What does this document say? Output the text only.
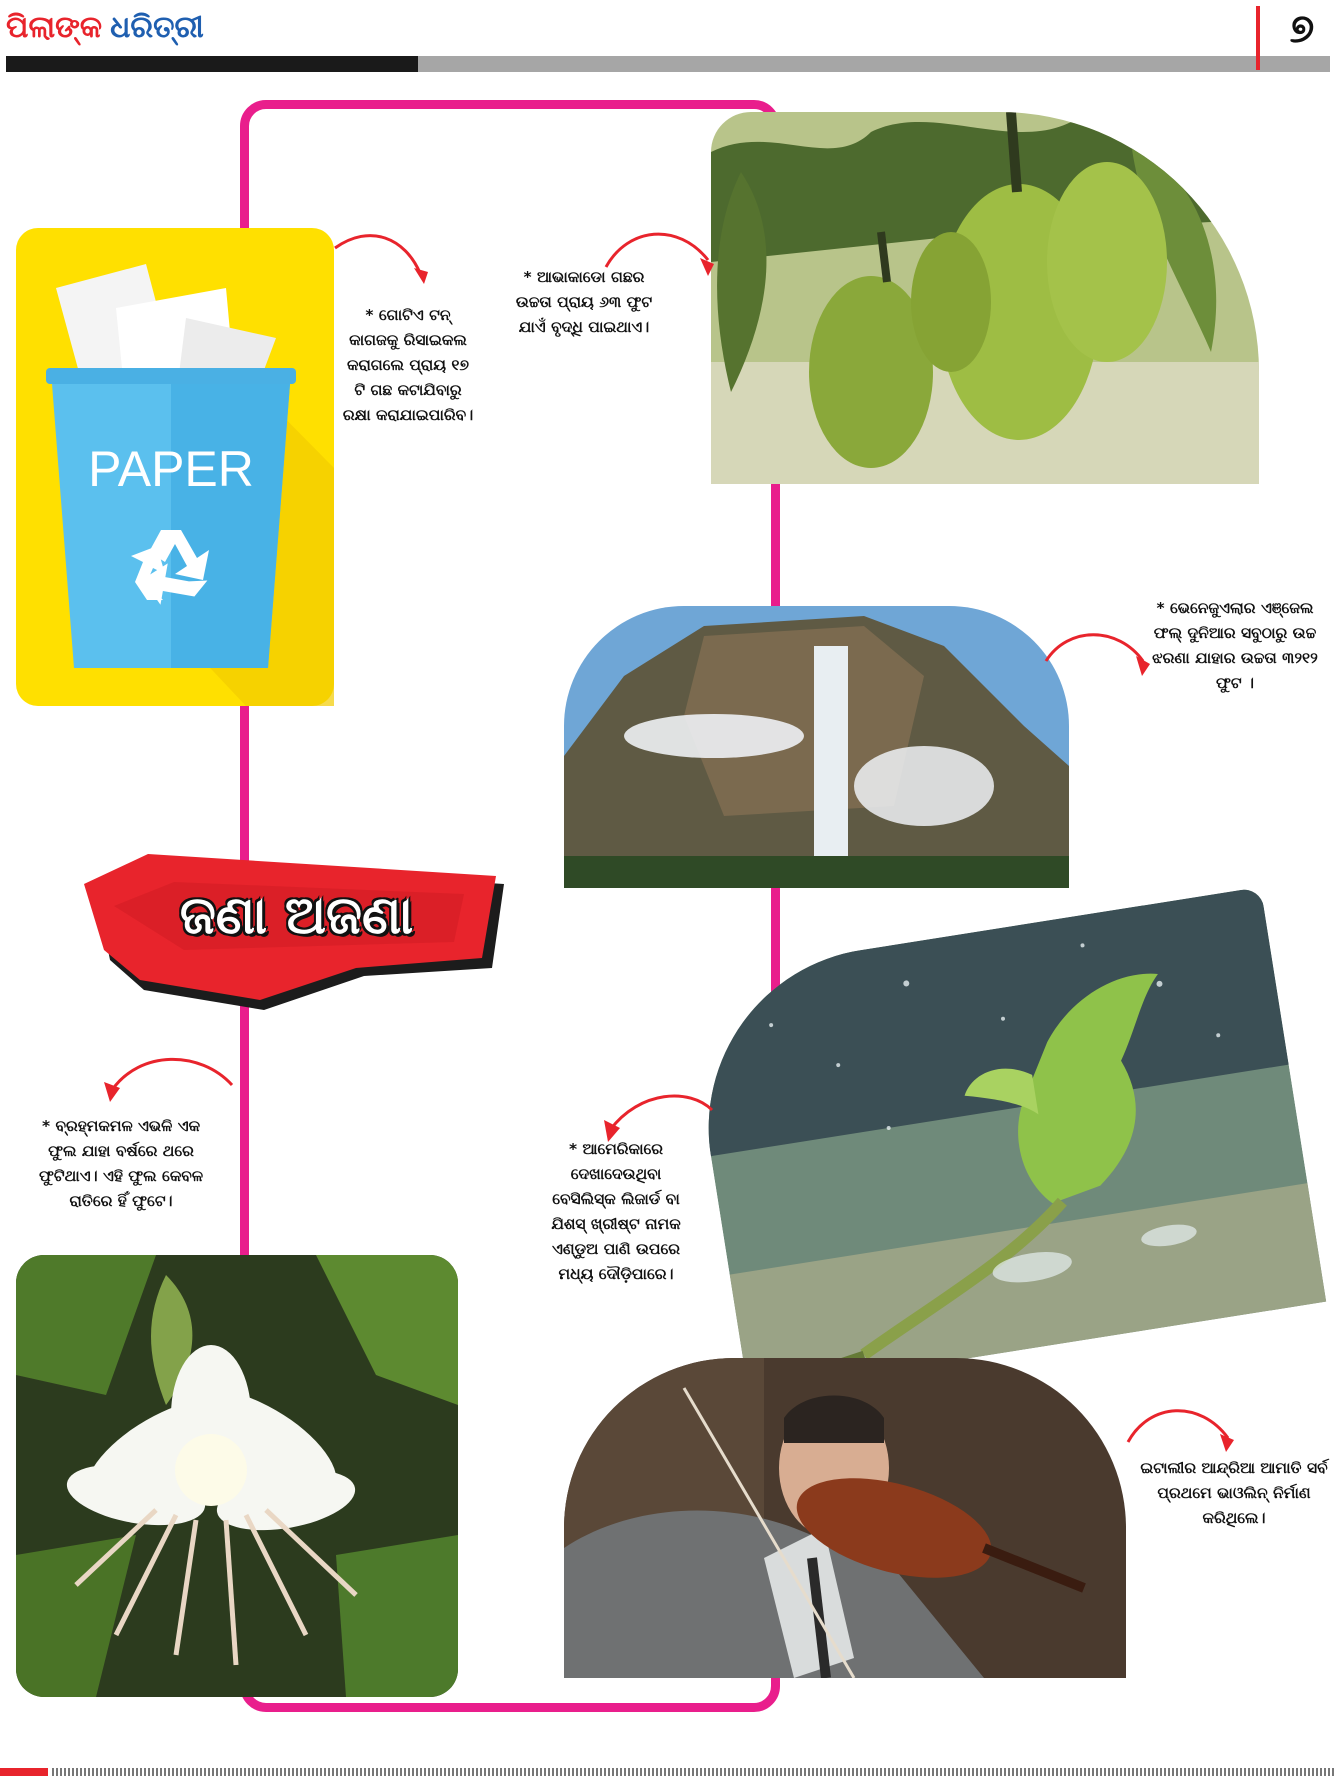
ପିଲାଙ୍କ ଧରିତ୍ରୀ	୭
PAPER
* ଗୋଟିଏ ଟନ୍ କାଗଜକୁ ରିସାଇକଲ କରାଗଲେ ପ୍ରାୟ ୧୭ ଟି ଗଛ କଟାଯିବାରୁ ରକ୍ଷା କରାଯାଇପାରିବ।
* ଆଭାକାଡୋ ଗଛର ଉଚ୍ଚତା ପ୍ରାୟ ୬୩ ଫୁଟ ଯାଏଁ ବୃଦ୍ଧି ପାଇଥାଏ।
* ଭେନେଜୁଏଲାର ଏଞ୍ଜେଲ ଫଲ୍ ଦୁନିଆର ସବୁଠାରୁ ଉଚ୍ଚ ଝରଣା ଯାହାର ଉଚ୍ଚତା ୩୨୧୨ ଫୁଟ ।
ଜଣା ଅଜଣା
* ଆମେରିକାରେ ଦେଖାଦେଉଥିବା ବେସିଲିସ୍କ ଲିଜାର୍ଡ ବା ଯିଶସ୍ ଖ୍ରୀଷ୍ଟ ନାମକ ଏଣ୍ଡୁଅ ପାଣି ଉପରେ ମଧ୍ୟ ଦୌଡ଼ିପାରେ।
* ବ୍ରହ୍ମକମଳ ଏଭଳି ଏକ ଫୁଲ ଯାହା ବର୍ଷରେ ଥରେ ଫୁଟିଥାଏ। ଏହି ଫୁଲ କେବଳ ରାତିରେ ହିଁ ଫୁଟେ।
ଇଟାଲୀର ଆନ୍ଦ୍ରିଆ ଆମାତି ସର୍ବ ପ୍ରଥମେ ଭାଓଲିନ୍ ନିର୍ମାଣ କରିଥିଲେ।
